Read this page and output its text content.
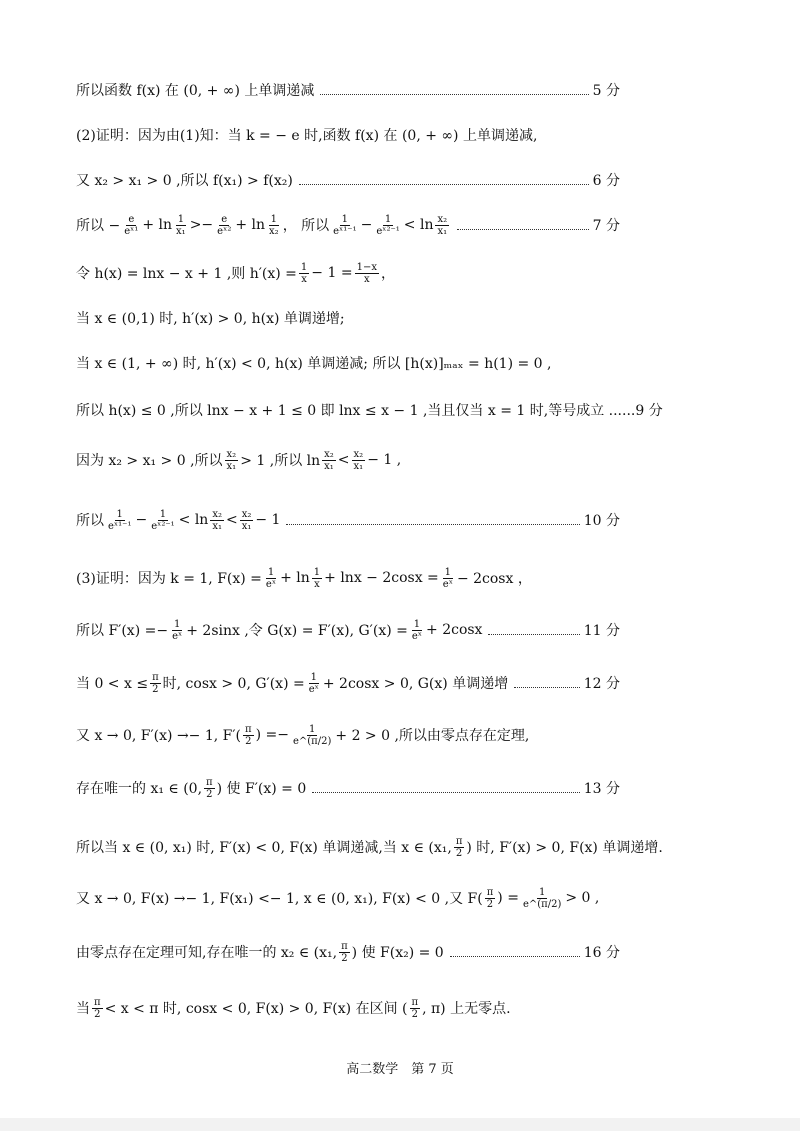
所以函数 f(x) 在 (0, + ∞) 上单调递减	5 分
(2)证明：因为由(1)知：当 k = − e 时,函数 f(x) 在 (0, + ∞) 上单调递减,
又 x₂ > x₁ > 0 ,所以 f(x₁) > f(x₂)	6 分
所以 − $\frac{e}{\text{eˣ¹}} + \ln \frac{1}{\text{x₁}} >- \frac{e}{\text{eˣ²}} + \ln \frac{1}{\text{x₂}}$ ， 所以 $\frac{1}{\text{eˣ¹⁻¹}} - \frac{1}{\text{eˣ²⁻¹}} < \ln \frac{\text{x₂}}{\text{x₁}}$	7 分
令 h(x) = lnx − x + 1 ,则 $h'(x) = \frac{1}{x} - 1 = \frac{1-x}{x}$ ，
当 x ∈ (0,1) 时, h′(x) > 0, h(x) 单调递增;
当 x ∈ (1, + ∞) 时, h′(x) < 0, h(x) 单调递减; 所以 [h(x)]ₘₐₓ = h(1) = 0 ,
所以 h(x) ≤ 0 ,所以 lnx − x + 1 ≤ 0 即 lnx ≤ x − 1 ,当且仅当 x = 1 时,等号成立 ......9 分
因为 x₂ > x₁ > 0 ,所以 $\frac{\text{x₂}}{\text{x₁}} > 1$ ,所以 $\ln \frac{\text{x₂}}{\text{x₁}} < \frac{\text{x₂}}{\text{x₁}} - 1$ ,
所以 $\frac{1}{\text{eˣ¹⁻¹}} - \frac{1}{\text{eˣ²⁻¹}} < \ln \frac{\text{x₂}}{\text{x₁}} < \frac{\text{x₂}}{\text{x₁}} - 1$	10 分
(3)证明：因为 k = 1, $F(x) = \frac{1}{\text{eˣ}} + \ln \frac{1}{x} + \ln x - 2\cos x = \frac{1}{\text{eˣ}} - 2\cos x$ ，
所以 $F'(x) =- \frac{1}{\text{eˣ}} + 2\sin x$ ,令 G(x) = F′(x), $G'(x) = \frac{1}{\text{eˣ}} + 2\cos x$	11 分
当 $0 < x \le \frac{\pi}{2}$ 时, cosx > 0, $G'(x) = \frac{1}{\text{eˣ}} + 2\cos x > 0$, G(x) 单调递增	12 分
又 x → 0, F′(x) →− 1, $F'( \frac{\pi}{2}$ ) =− $\frac{1}{e\^{}(\pi/2)} + 2 > 0$ ,所以由零点存在定理,
存在唯一的 x₁ ∈ (0, $\frac{\pi}{2}$ ) 使 F′(x) = 0	13 分
所以当 x ∈ (0, x₁) 时, F′(x) < 0, F(x) 单调递减,当 x ∈ (x₁, $\frac{\pi}{2}$ ) 时, F′(x) > 0, F(x) 单调递增.
又 x → 0, F(x) →− 1, F(x₁) <− 1, x ∈ (0, x₁), F(x) < 0 ,又 $F( \frac{\pi}{2}$ ) = $\frac{1}{e\^{}(\pi/2)} > 0$ ,
由零点存在定理可知,存在唯一的 x₂ ∈ (x₁, $\frac{\pi}{2}$ ) 使 F(x₂) = 0	16 分
当 $\frac{\pi}{2} < x < \pi$ 时, cosx < 0, F(x) > 0, F(x) 在区间 ( $\frac{\pi}{2}$ , π) 上无零点.
高二数学　第 7 页
